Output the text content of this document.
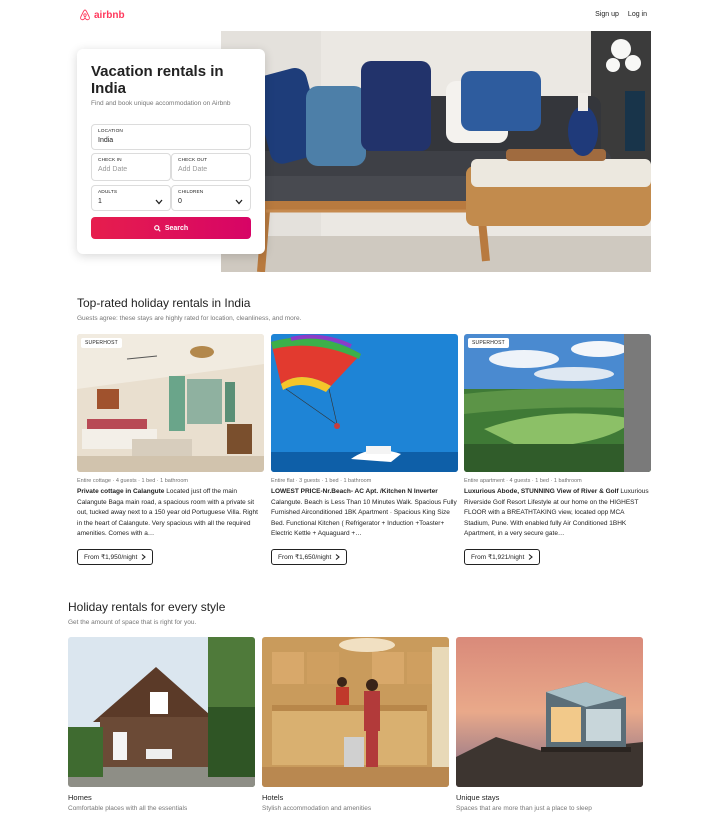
airbnb	Sign up Log in
Vacation rentals in India
Find and book unique accommodation on Airbnb
LOCATION
India
CHECK IN
Add Date
CHECK OUT
Add Date
ADULTS
1
CHILDREN
0
Search
Top-rated holiday rentals in India
Guests agree: these stays are highly rated for location, cleanliness, and more.
SUPERHOST
Entire cottage · 4 guests · 1 bed · 1 bathroom
Private cottage in Calangute Located just off the main Calangute Baga main road, a spacious room with a private sit out, tucked away next to a 150 year old Portuguese Villa. Right in the heart of Calangute. Very spacious with all the required amenities. Comes with a…
From ₹1,950/night
Entire flat · 3 guests · 1 bed · 1 bathroom
LOWEST PRICE-Nr.Beach- AC Apt. /Kitchen N Inverter Calangute. Beach is Less Than 10 Minutes Walk. Spacious Fully Furnished Airconditioned 1BK Apartment · Spacious King Size Bed. Functional Kitchen ( Refrigerator + Induction +Toaster+ Electric Kettle + Aquaguard +…
From ₹1,650/night
SUPERHOST
Entire apartment · 4 guests · 1 bed · 1 bathroom
Luxurious Abode, STUNNING View of River & Golf Luxurious Riverside Golf Resort Lifestyle at our home on the HIGHEST FLOOR with a BREATHTAKING view, located opp MCA Stadium, Pune. With enabled fully Air Conditioned 1BHK Apartment, in a very secure gate…
From ₹1,921/night
Holiday rentals for every style
Get the amount of space that is right for you.
Homes
Comfortable places with all the essentials
Hotels
Stylish accommodation and amenities
Unique stays
Spaces that are more than just a place to sleep
